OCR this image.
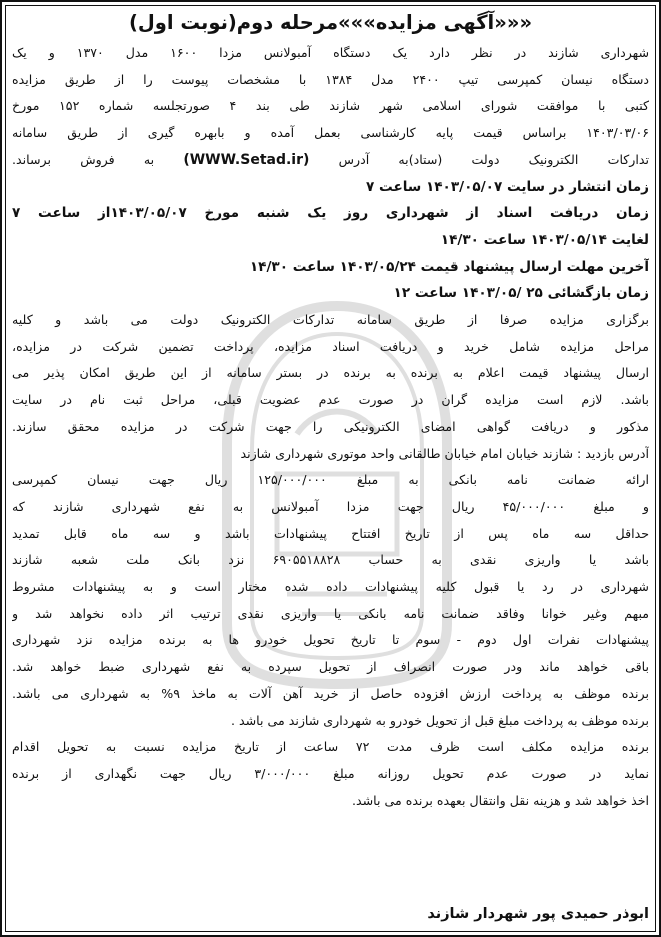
«««آگهی مزایده»»»مرحله دوم(نوبت اول)
شهرداری شازند در نظر دارد یک دستگاه آمبولانس مزدا ۱۶۰۰ مدل ۱۳۷۰ و یک
دستگاه نیسان کمپرسی تیپ ۲۴۰۰ مدل ۱۳۸۴ با مشخصات پیوست را از طریق مزایده
کتبی با موافقت شورای اسلامی شهر شازند طی بند ۴ صورتجلسه شماره ۱۵۲ مورخ
۱۴۰۳/۰۳/۰۶ براساس قیمت پایه کارشناسی بعمل آمده و بابهره گیری از طریق سامانه
تدارکات الکترونیک دولت (ستاد)به آدرس (WWW.Setad.ir) به فروش برساند.
زمان انتشار در سایت ۱۴۰۳/۰۵/۰۷ ساعت ۷
زمان دریافت اسناد از شهرداری روز یک شنبه مورخ ۱۴۰۳/۰۵/۰۷از ساعت ۷
لغایت ۱۴۰۳/۰۵/۱۴ ساعت ۱۴/۳۰
آخرین مهلت ارسال پیشنهاد قیمت ۱۴۰۳/۰۵/۲۴ ساعت ۱۴/۳۰
زمان بازگشائی ۲۵ /۱۴۰۳/۰۵ ساعت ۱۲
برگزاری مزایده صرفا از طریق سامانه تدارکات الکترونیک دولت می باشد و کلیه
مراحل مزایده شامل خرید و دریافت اسناد مزایده، پرداخت تضمین شرکت در مزایده،
ارسال پیشنهاد قیمت اعلام به برنده به برنده در بستر سامانه از این طریق امکان پذیر می
باشد. لازم است مزایده گران در صورت عدم عضویت قبلی، مراحل ثبت نام در سایت
مذکور و دریافت گواهی امضای الکترونیکی را جهت شرکت در مزایده محقق سازند.
آدرس بازدید : شازند خیابان امام خیابان طالقانی واحد موتوری شهرداری شازند
ارائه ضمانت نامه بانکی به مبلغ ۱۲۵/۰۰۰/۰۰۰ ریال جهت نیسان کمپرسی
و مبلغ ۴۵/۰۰۰/۰۰۰ ریال جهت مزدا آمبولانس به نفع شهرداری شازند که
حداقل سه ماه پس از تاریخ افتتاح پیشنهادات باشد و سه ماه قابل تمدید
باشد یا واریزی نقدی به حساب ۶۹۰۵۵۱۸۸۲۸ نزد بانک ملت شعبه شازند
شهرداری در رد یا قبول کلیه پیشنهادات داده شده مختار است و به پیشنهادات مشروط
مبهم وغیر خوانا وفاقد ضمانت نامه بانکی یا واریزی نقدی ترتیب اثر داده نخواهد شد و
پیشنهادات نفرات اول دوم - سوم تا تاریخ تحویل خودرو ها به برنده مزایده نزد شهرداری
باقی خواهد ماند ودر صورت انصراف از تحویل سپرده به نفع شهرداری ضبط خواهد شد.
برنده موظف به پرداخت ارزش افزوده حاصل از خرید آهن آلات به ماخذ ۹% به شهرداری می باشد.
برنده موظف به پرداخت مبلغ قبل از تحویل خودرو به شهرداری شازند می باشد .
برنده مزایده مکلف است ظرف مدت ۷۲ ساعت از تاریخ مزایده نسبت به تحویل اقدام
نماید در صورت عدم تحویل روزانه مبلغ ۳/۰۰۰/۰۰۰ ریال جهت نگهداری از برنده
اخذ خواهد شد و هزینه نقل وانتقال بعهده برنده می باشد.
ابوذر حمیدی پور شهردار شازند
